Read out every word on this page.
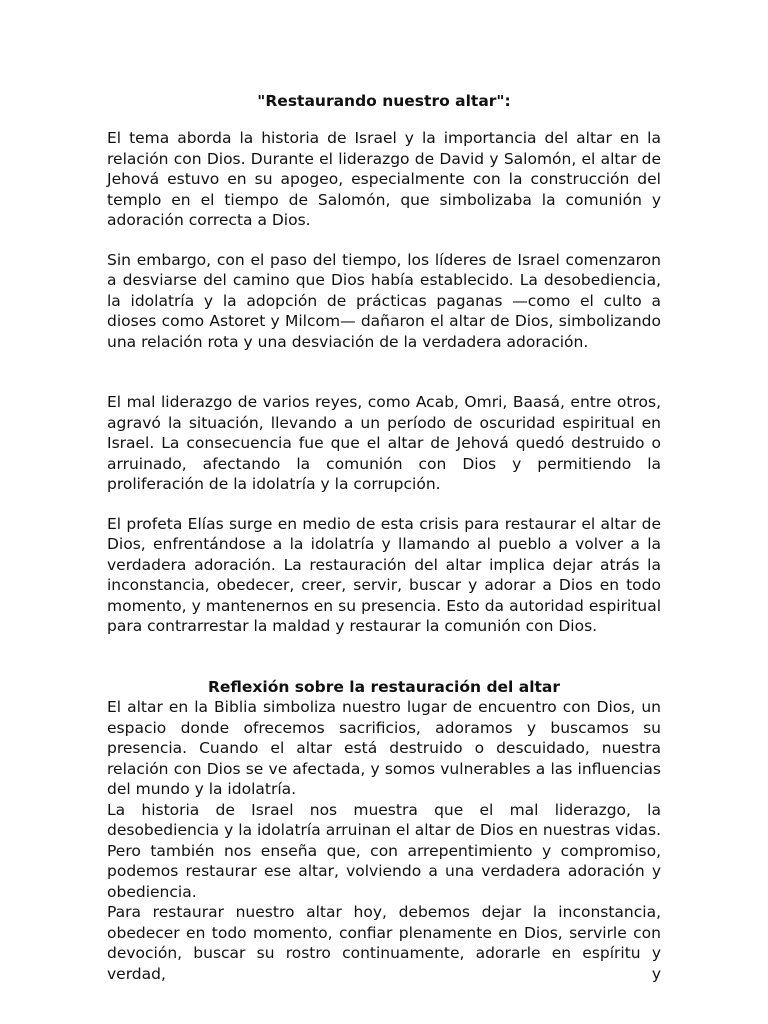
"Restaurando nuestro altar":

El tema aborda la historia de Israel y la importancia del altar en la relación con Dios. Durante el liderazgo de David y Salomón, el altar de Jehová estuvo en su apogeo, especialmente con la construcción del templo en el tiempo de Salomón, que simbolizaba la comunión y adoración correcta a Dios.

Sin embargo, con el paso del tiempo, los líderes de Israel comenzaron a desviarse del camino que Dios había establecido. La desobediencia, la idolatría y la adopción de prácticas paganas —como el culto a dioses como Astoret y Milcom— dañaron el altar de Dios, simbolizando una relación rota y una desviación de la verdadera adoración.

El mal liderazgo de varios reyes, como Acab, Omri, Baasá, entre otros, agravó la situación, llevando a un período de oscuridad espiritual en Israel. La consecuencia fue que el altar de Jehová quedó destruido o arruinado, afectando la comunión con Dios y permitiendo la proliferación de la idolatría y la corrupción.

El profeta Elías surge en medio de esta crisis para restaurar el altar de Dios, enfrentándose a la idolatría y llamando al pueblo a volver a la verdadera adoración. La restauración del altar implica dejar atrás la inconstancia, obedecer, creer, servir, buscar y adorar a Dios en todo momento, y mantenernos en su presencia. Esto da autoridad espiritual para contrarrestar la maldad y restaurar la comunión con Dios.

Reflexión sobre la restauración del altar

El altar en la Biblia simboliza nuestro lugar de encuentro con Dios, un espacio donde ofrecemos sacrificios, adoramos y buscamos su presencia. Cuando el altar está destruido o descuidado, nuestra relación con Dios se ve afectada, y somos vulnerables a las influencias del mundo y la idolatría.

La historia de Israel nos muestra que el mal liderazgo, la desobediencia y la idolatría arruinan el altar de Dios en nuestras vidas. Pero también nos enseña que, con arrepentimiento y compromiso, podemos restaurar ese altar, volviendo a una verdadera adoración y obediencia.

Para restaurar nuestro altar hoy, debemos dejar la inconstancia, obedecer en todo momento, confiar plenamente en Dios, servirle con devoción, buscar su rostro continuamente, adorarle en espíritu y verdad, y
